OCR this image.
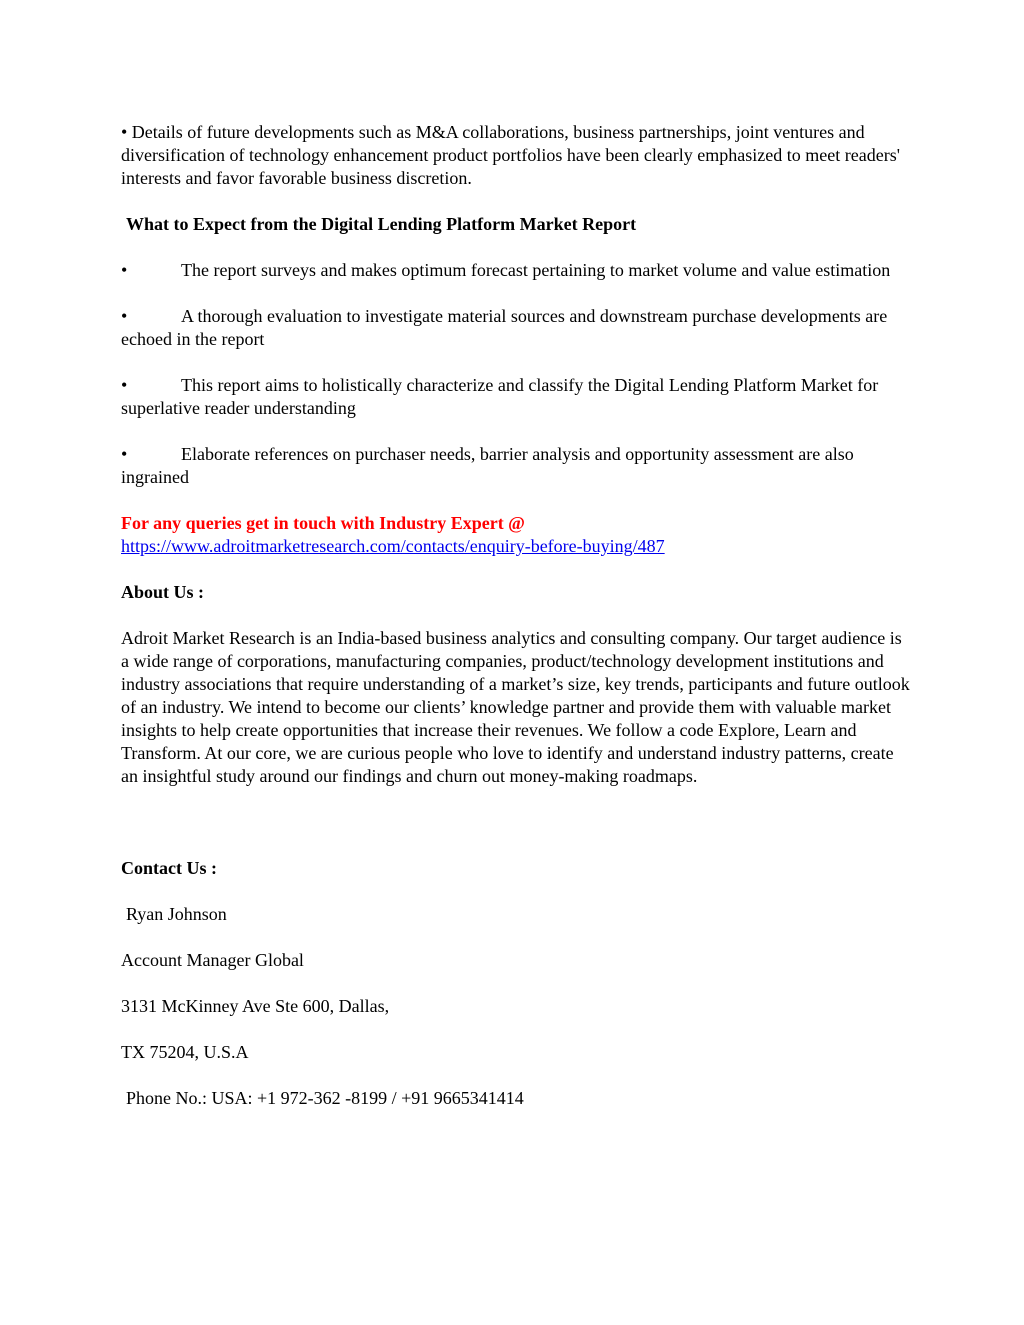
• Details of future developments such as M&A collaborations, business partnerships, joint ventures and diversification of technology enhancement product portfolios have been clearly emphasized to meet readers' interests and favor favorable business discretion.

What to Expect from the Digital Lending Platform Market Report

•	The report surveys and makes optimum forecast pertaining to market volume and value estimation
•	A thorough evaluation to investigate material sources and downstream purchase developments are echoed in the report
•	This report aims to holistically characterize and classify the Digital Lending Platform Market for superlative reader understanding
•	Elaborate references on purchaser needs, barrier analysis and opportunity assessment are also ingrained
For any queries get in touch with Industry Expert @
https://www.adroitmarketresearch.com/contacts/enquiry-before-buying/487

About Us :

Adroit Market Research is an India-based business analytics and consulting company. Our target audience is a wide range of corporations, manufacturing companies, product/technology development institutions and industry associations that require understanding of a market’s size, key trends, participants and future outlook of an industry. We intend to become our clients’ knowledge partner and provide them with valuable market insights to help create opportunities that increase their revenues. We follow a code Explore, Learn and Transform. At our core, we are curious people who love to identify and understand industry patterns, create an insightful study around our findings and churn out money-making roadmaps.

Contact Us :

Ryan Johnson

Account Manager Global

3131 McKinney Ave Ste 600, Dallas,

TX 75204, U.S.A

Phone No.: USA: +1 972-362 -8199 / +91 9665341414
